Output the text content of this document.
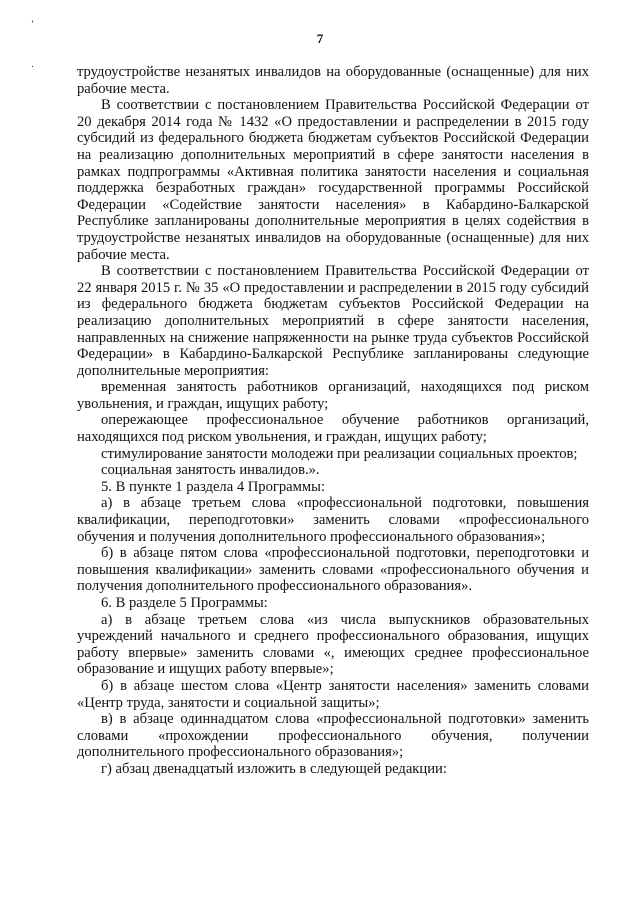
’
․
7

трудоустройстве незанятых инвалидов на оборудованные (оснащенные) для них рабочие места.

В соответствии с постановлением Правительства Российской Федерации от 20 декабря 2014 года № 1432 «О предоставлении и распределении в 2015 году субсидий из федерального бюджета бюджетам субъектов Российской Федерации на реализацию дополнительных мероприятий в сфере занятости населения в рамках подпрограммы «Активная политика занятости населения и социальная поддержка безработных граждан» государственной программы Российской Федерации «Содействие занятости населения» в Кабардино-Балкарской Республике запланированы дополнительные мероприятия в целях содействия в трудоустройстве незанятых инвалидов на оборудованные (оснащенные) для них рабочие места.

В соответствии с постановлением Правительства Российской Федерации от 22 января 2015 г. № 35 «О предоставлении и распределении в 2015 году субсидий из федерального бюджета бюджетам субъектов Российской Федерации на реализацию дополнительных мероприятий в сфере занятости населения, направленных на снижение напряженности на рынке труда субъектов Российской Федерации» в Кабардино-Балкарской Республике запланированы следующие дополнительные мероприятия:

временная занятость работников организаций, находящихся под риском увольнения, и граждан, ищущих работу;

опережающее профессиональное обучение работников организаций, находящихся под риском увольнения, и граждан, ищущих работу;

стимулирование занятости молодежи при реализации социальных проектов;

социальная занятость инвалидов.».

5. В пункте 1 раздела 4 Программы:

а) в абзаце третьем слова «профессиональной подготовки, повышения квалификации, переподготовки» заменить словами «профессионального обучения и получения дополнительного профессионального образования»;

б) в абзаце пятом слова «профессиональной подготовки, переподготовки и повышения квалификации» заменить словами «профессионального обучения и получения дополнительного профессионального образования».

6. В разделе 5 Программы:

а) в абзаце третьем слова «из числа выпускников образовательных учреждений начального и среднего профессионального образования, ищущих работу впервые» заменить словами «, имеющих среднее профессиональное образование и ищущих работу впервые»;

б) в абзаце шестом слова «Центр занятости населения» заменить словами «Центр труда, занятости и социальной защиты»;

в) в абзаце одиннадцатом слова «профессиональной подготовки» заменить словами «прохождении профессионального обучения, получении дополнительного профессионального образования»;

г) абзац двенадцатый изложить в следующей редакции:
